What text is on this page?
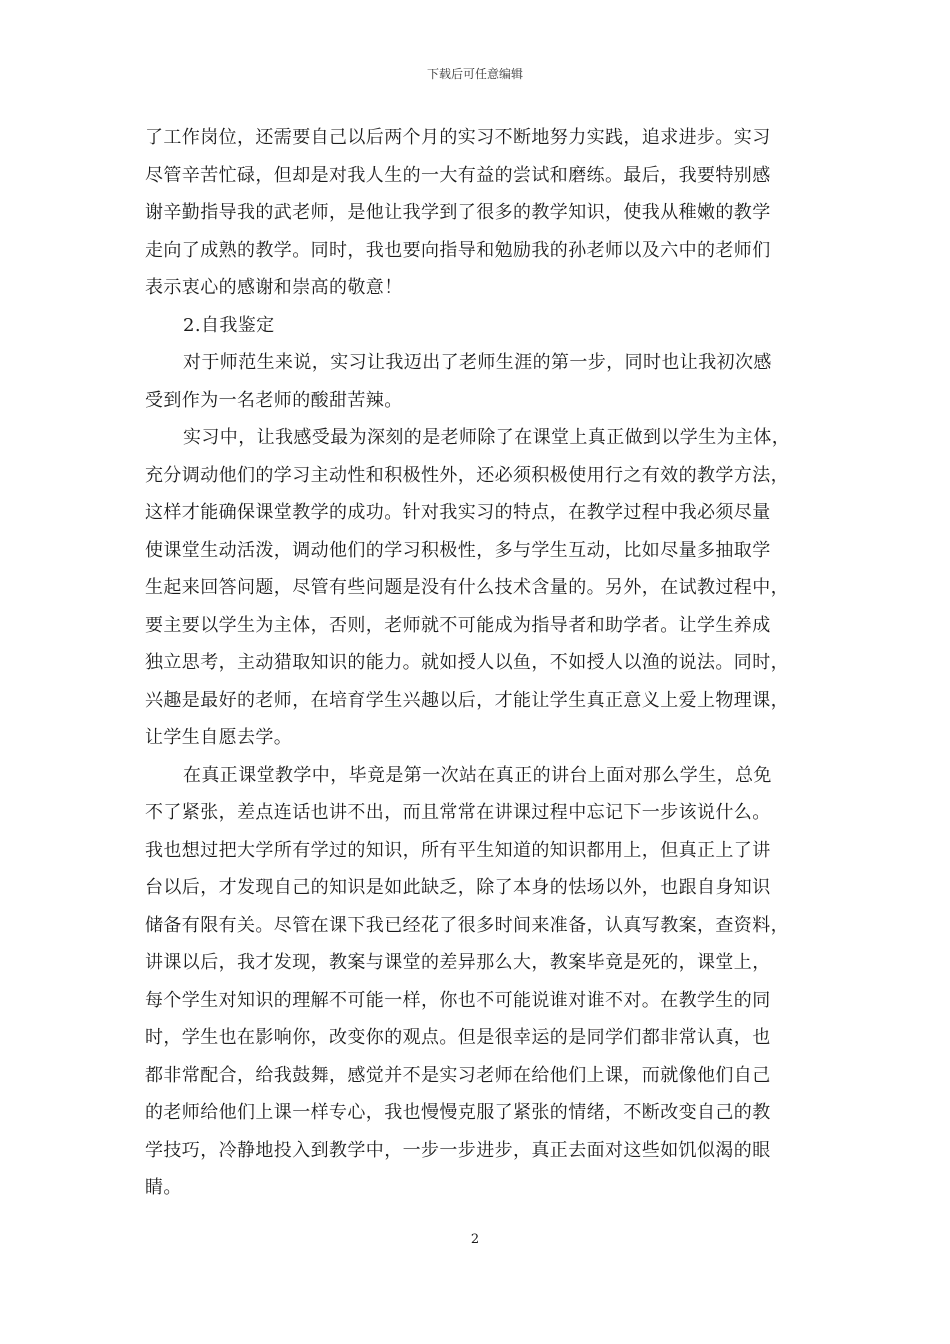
下载后可任意编辑
了工作岗位，还需要自己以后两个月的实习不断地努力实践，追求进步。实习
尽管辛苦忙碌，但却是对我人生的一大有益的尝试和磨练。最后，我要特别感
谢辛勤指导我的武老师，是他让我学到了很多的教学知识，使我从稚嫩的教学
走向了成熟的教学。同时，我也要向指导和勉励我的孙老师以及六中的老师们
表示衷心的感谢和崇高的敬意！
2.自我鉴定
对于师范生来说，实习让我迈出了老师生涯的第一步，同时也让我初次感
受到作为一名老师的酸甜苦辣。
实习中，让我感受最为深刻的是老师除了在课堂上真正做到以学生为主体，
充分调动他们的学习主动性和积极性外，还必须积极使用行之有效的教学方法，
这样才能确保课堂教学的成功。针对我实习的特点，在教学过程中我必须尽量
使课堂生动活泼，调动他们的学习积极性，多与学生互动，比如尽量多抽取学
生起来回答问题，尽管有些问题是没有什么技术含量的。另外，在试教过程中，
要主要以学生为主体，否则，老师就不可能成为指导者和助学者。让学生养成
独立思考，主动猎取知识的能力。就如授人以鱼，不如授人以渔的说法。同时，
兴趣是最好的老师，在培育学生兴趣以后，才能让学生真正意义上爱上物理课，
让学生自愿去学。
在真正课堂教学中，毕竟是第一次站在真正的讲台上面对那么学生，总免
不了紧张，差点连话也讲不出，而且常常在讲课过程中忘记下一步该说什么。
我也想过把大学所有学过的知识，所有平生知道的知识都用上，但真正上了讲
台以后，才发现自己的知识是如此缺乏，除了本身的怯场以外，也跟自身知识
储备有限有关。尽管在课下我已经花了很多时间来准备，认真写教案，查资料，
讲课以后，我才发现，教案与课堂的差异那么大，教案毕竟是死的，课堂上，
每个学生对知识的理解不可能一样，你也不可能说谁对谁不对。在教学生的同
时，学生也在影响你，改变你的观点。但是很幸运的是同学们都非常认真，也
都非常配合，给我鼓舞，感觉并不是实习老师在给他们上课，而就像他们自己
的老师给他们上课一样专心，我也慢慢克服了紧张的情绪，不断改变自己的教
学技巧，冷静地投入到教学中，一步一步进步，真正去面对这些如饥似渴的眼
睛。
2
